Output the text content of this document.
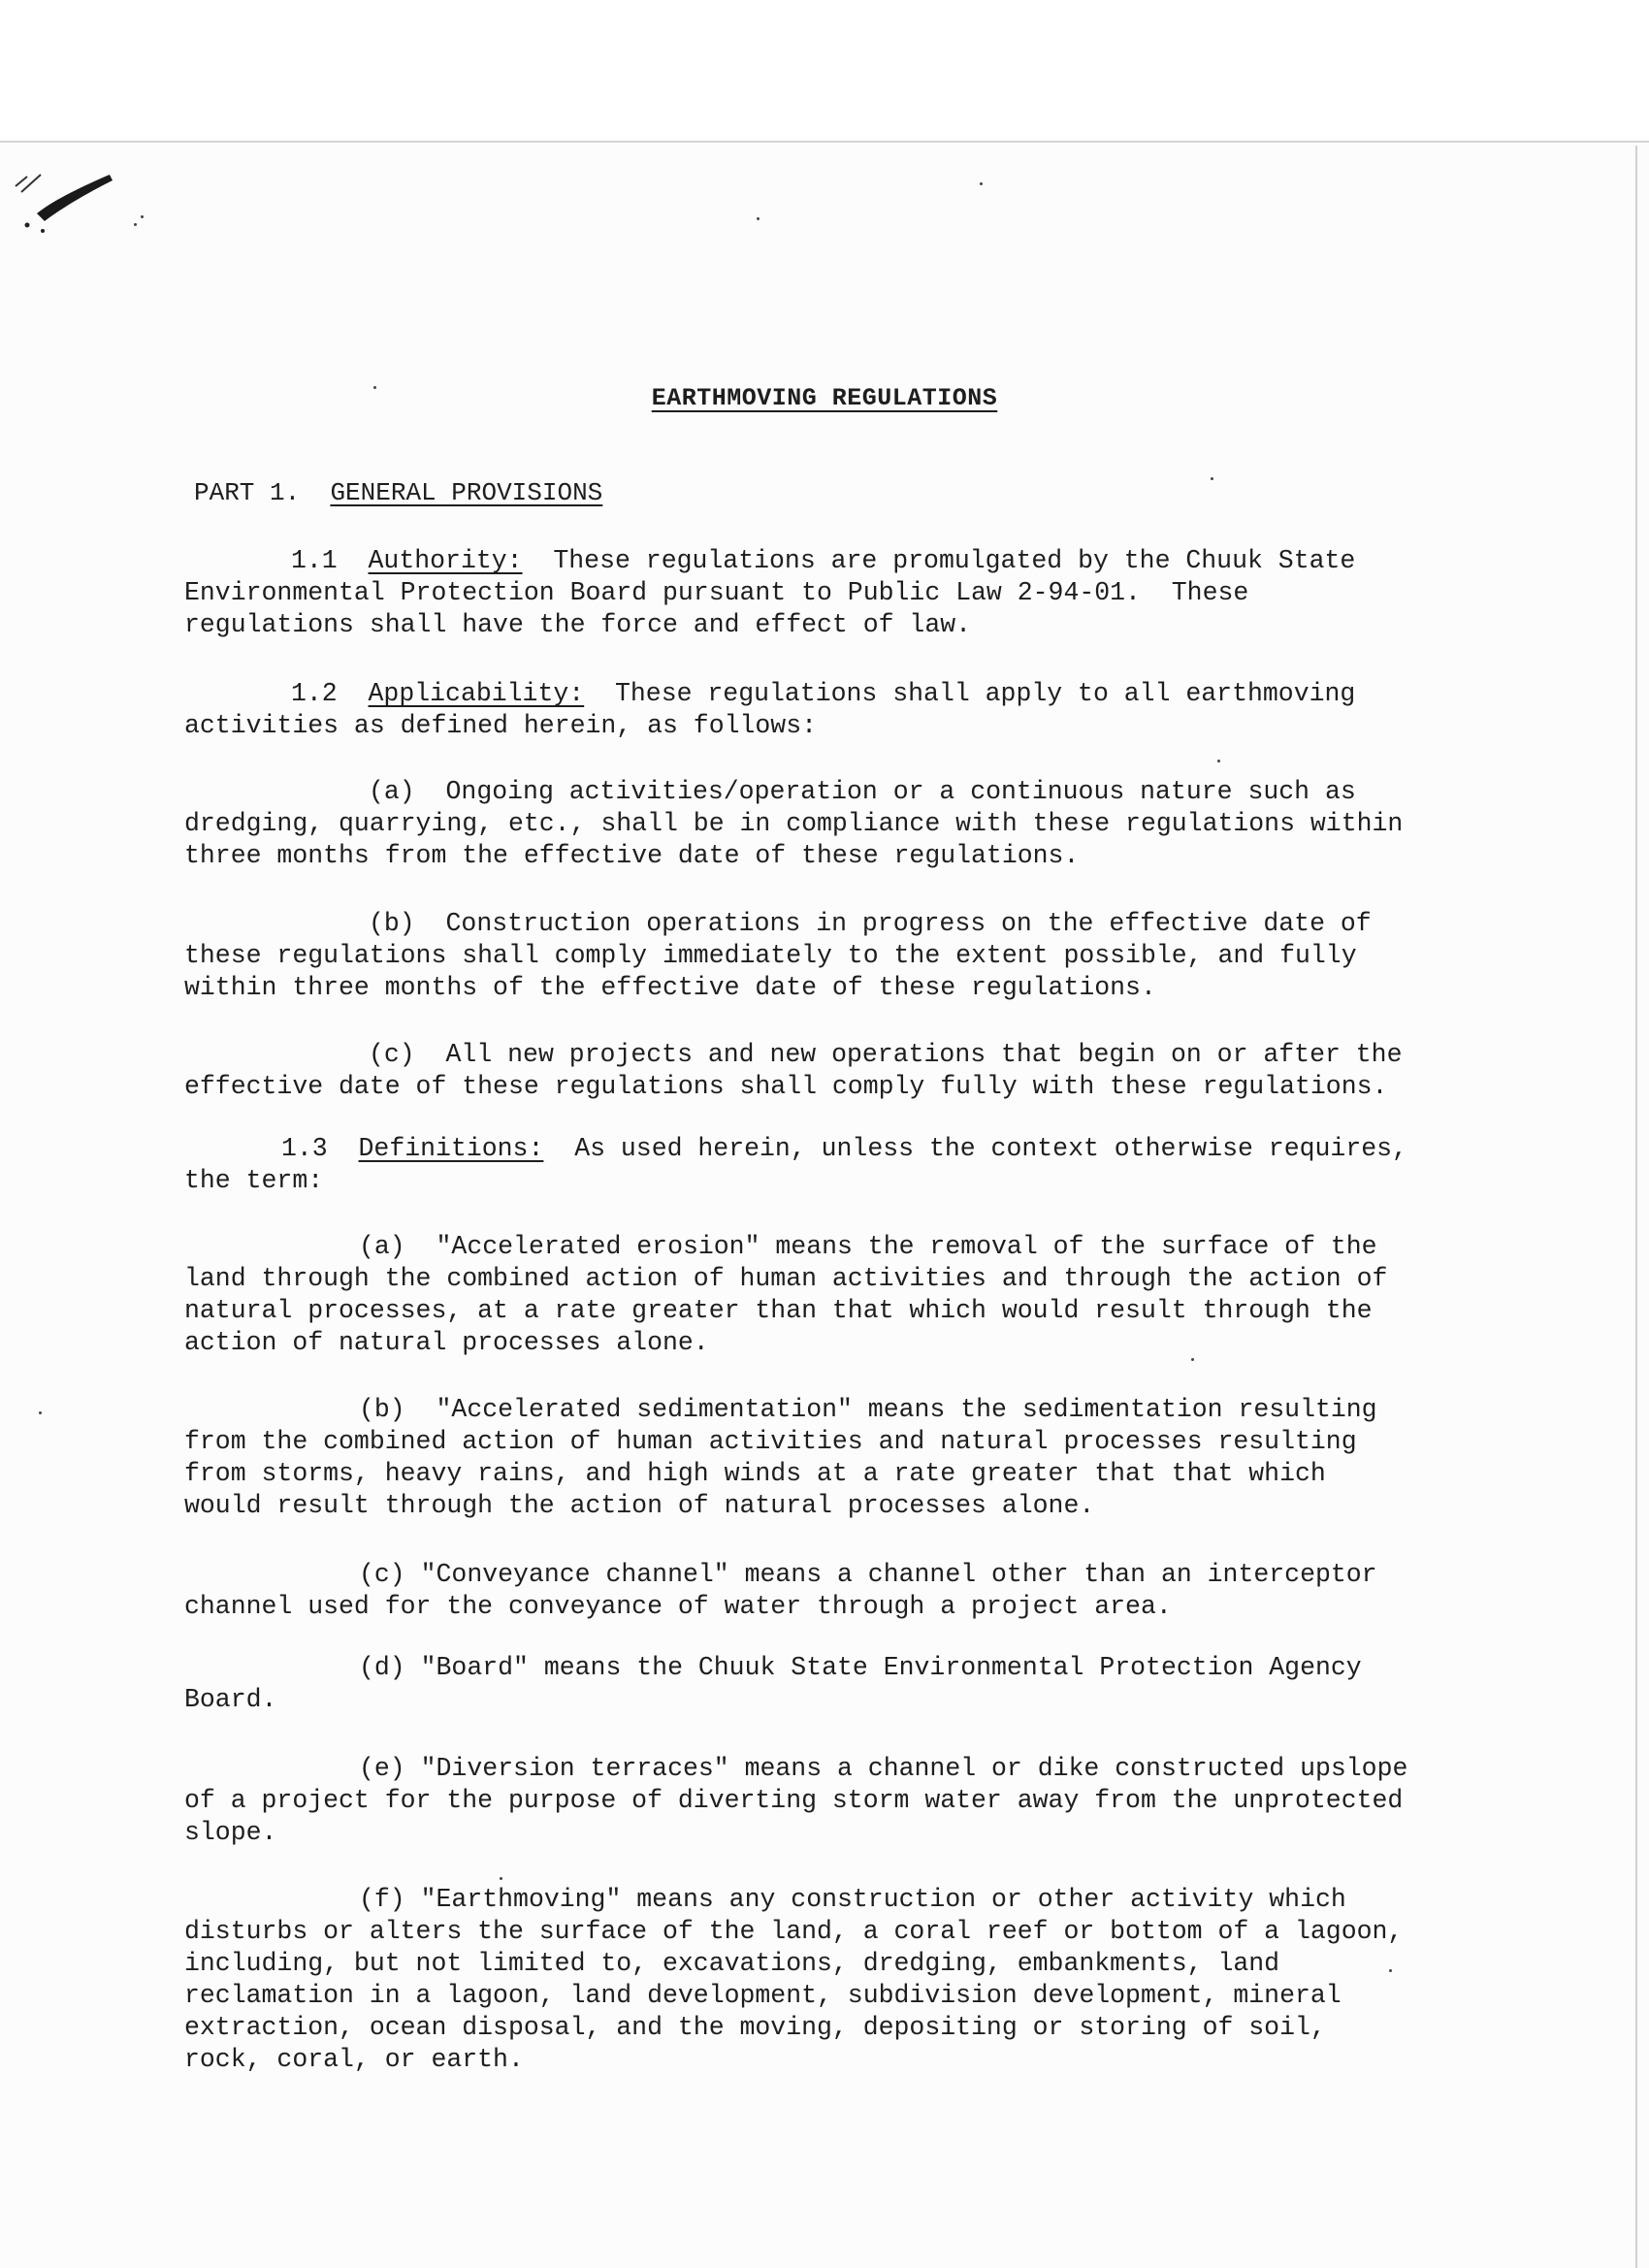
EARTHMOVING REGULATIONS
PART 1. GENERAL PROVISIONS
1.1 Authority: These regulations are promulgated by the Chuuk State
Environmental Protection Board pursuant to Public Law 2-94-01.  These
regulations shall have the force and effect of law.
1.2 Applicability: These regulations shall apply to all earthmoving
activities as defined herein, as follows:
(a) Ongoing activities/operation or a continuous nature such as
dredging, quarrying, etc., shall be in compliance with these regulations within
three months from the effective date of these regulations.
(b) Construction operations in progress on the effective date of
these regulations shall comply immediately to the extent possible, and fully
within three months of the effective date of these regulations.
(c) All new projects and new operations that begin on or after the
effective date of these regulations shall comply fully with these regulations.
1.3 Definitions: As used herein, unless the context otherwise requires,
the term:
(a) "Accelerated erosion" means the removal of the surface of the
land through the combined action of human activities and through the action of
natural processes, at a rate greater than that which would result through the
action of natural processes alone.
(b) "Accelerated sedimentation" means the sedimentation resulting
from the combined action of human activities and natural processes resulting
from storms, heavy rains, and high winds at a rate greater that that which
would result through the action of natural processes alone.
(c) "Conveyance channel" means a channel other than an interceptor
channel used for the conveyance of water through a project area.
(d) "Board" means the Chuuk State Environmental Protection Agency
Board.
(e) "Diversion terraces" means a channel or dike constructed upslope
of a project for the purpose of diverting storm water away from the unprotected
slope.
(f) "Earthmoving" means any construction or other activity which
disturbs or alters the surface of the land, a coral reef or bottom of a lagoon,
including, but not limited to, excavations, dredging, embankments, land
reclamation in a lagoon, land development, subdivision development, mineral
extraction, ocean disposal, and the moving, depositing or storing of soil,
rock, coral, or earth.
